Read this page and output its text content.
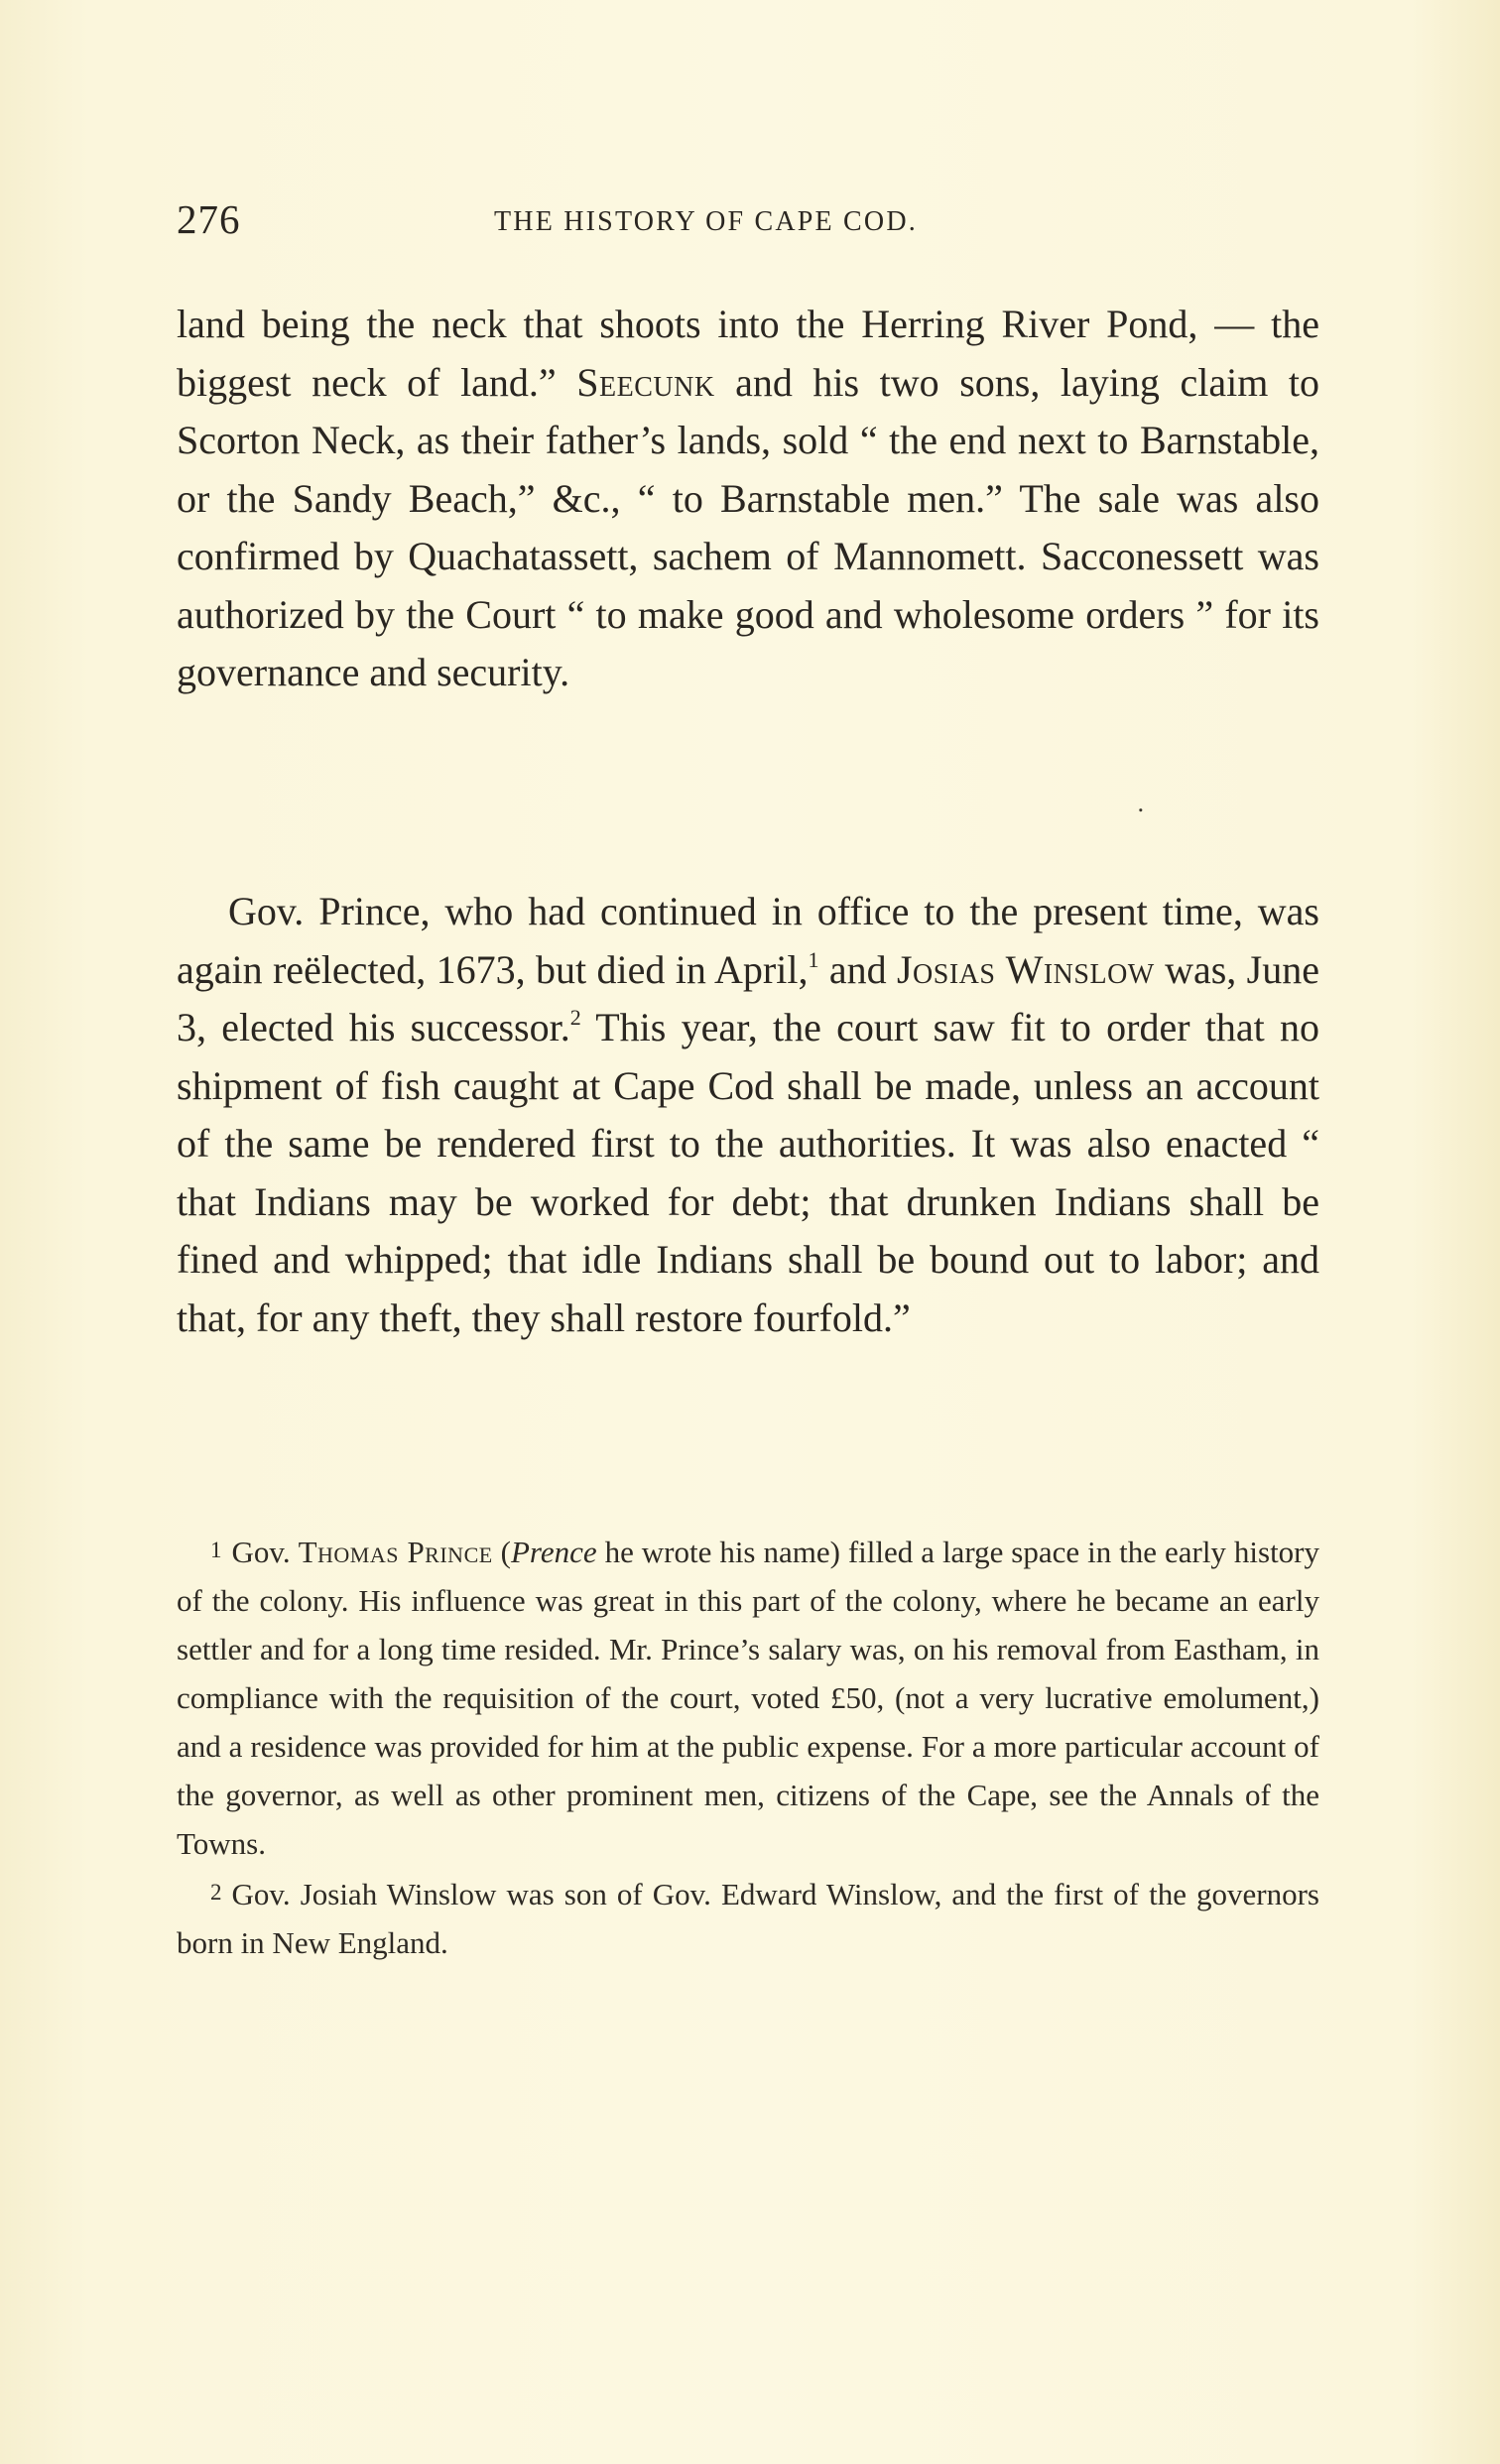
276	THE HISTORY OF CAPE COD.

land being the neck that shoots into the Herring River Pond, — the biggest neck of land.” Seecunk and his two sons, laying claim to Scorton Neck, as their father’s lands, sold “ the end next to Barnstable, or the Sandy Beach,” &c., “ to Barnstable men.” The sale was also confirmed by Quachatassett, sachem of Mannomett. Sacconessett was authorized by the Court “ to make good and wholesome orders ” for its governance and security.

.

Gov. Prince, who had continued in office to the present time, was again reëlected, 1673, but died in April,$^1$ and Josias Winslow was, June 3, elected his successor.$^2$ This year, the court saw fit to order that no shipment of fish caught at Cape Cod shall be made, unless an account of the same be rendered first to the authorities. It was also enacted “ that Indians may be worked for debt; that drunken Indians shall be fined and whipped; that idle Indians shall be bound out to labor; and that, for any theft, they shall restore fourfold.”

1 Gov. Thomas Prince (Prence he wrote his name) filled a large space in the early history of the colony. His influence was great in this part of the colony, where he became an early settler and for a long time resided. Mr. Prince’s salary was, on his removal from Eastham, in compliance with the requisition of the court, voted £50, (not a very lucrative emolument,) and a residence was provided for him at the public expense. For a more particular account of the governor, as well as other prominent men, citizens of the Cape, see the Annals of the Towns.

2 Gov. Josiah Winslow was son of Gov. Edward Winslow, and the first of the governors born in New England.
